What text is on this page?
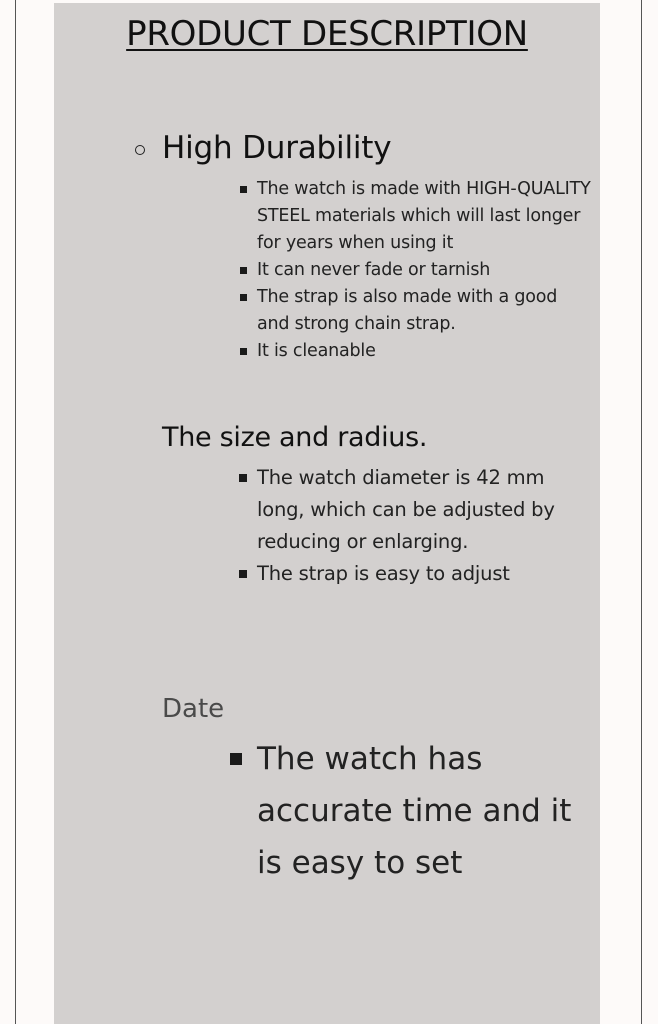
PRODUCT DESCRIPTION
High Durability
The watch is made with HIGH-QUALITY  STEEL materials which will last longer for years when using it
It can never fade or tarnish
The strap is also made with a good and strong chain strap.
It is cleanable
The size and radius.
The watch diameter is 42 mm long, which can be adjusted by reducing or enlarging.
The strap is easy to adjust
Date
The watch has accurate time and it is easy to set
